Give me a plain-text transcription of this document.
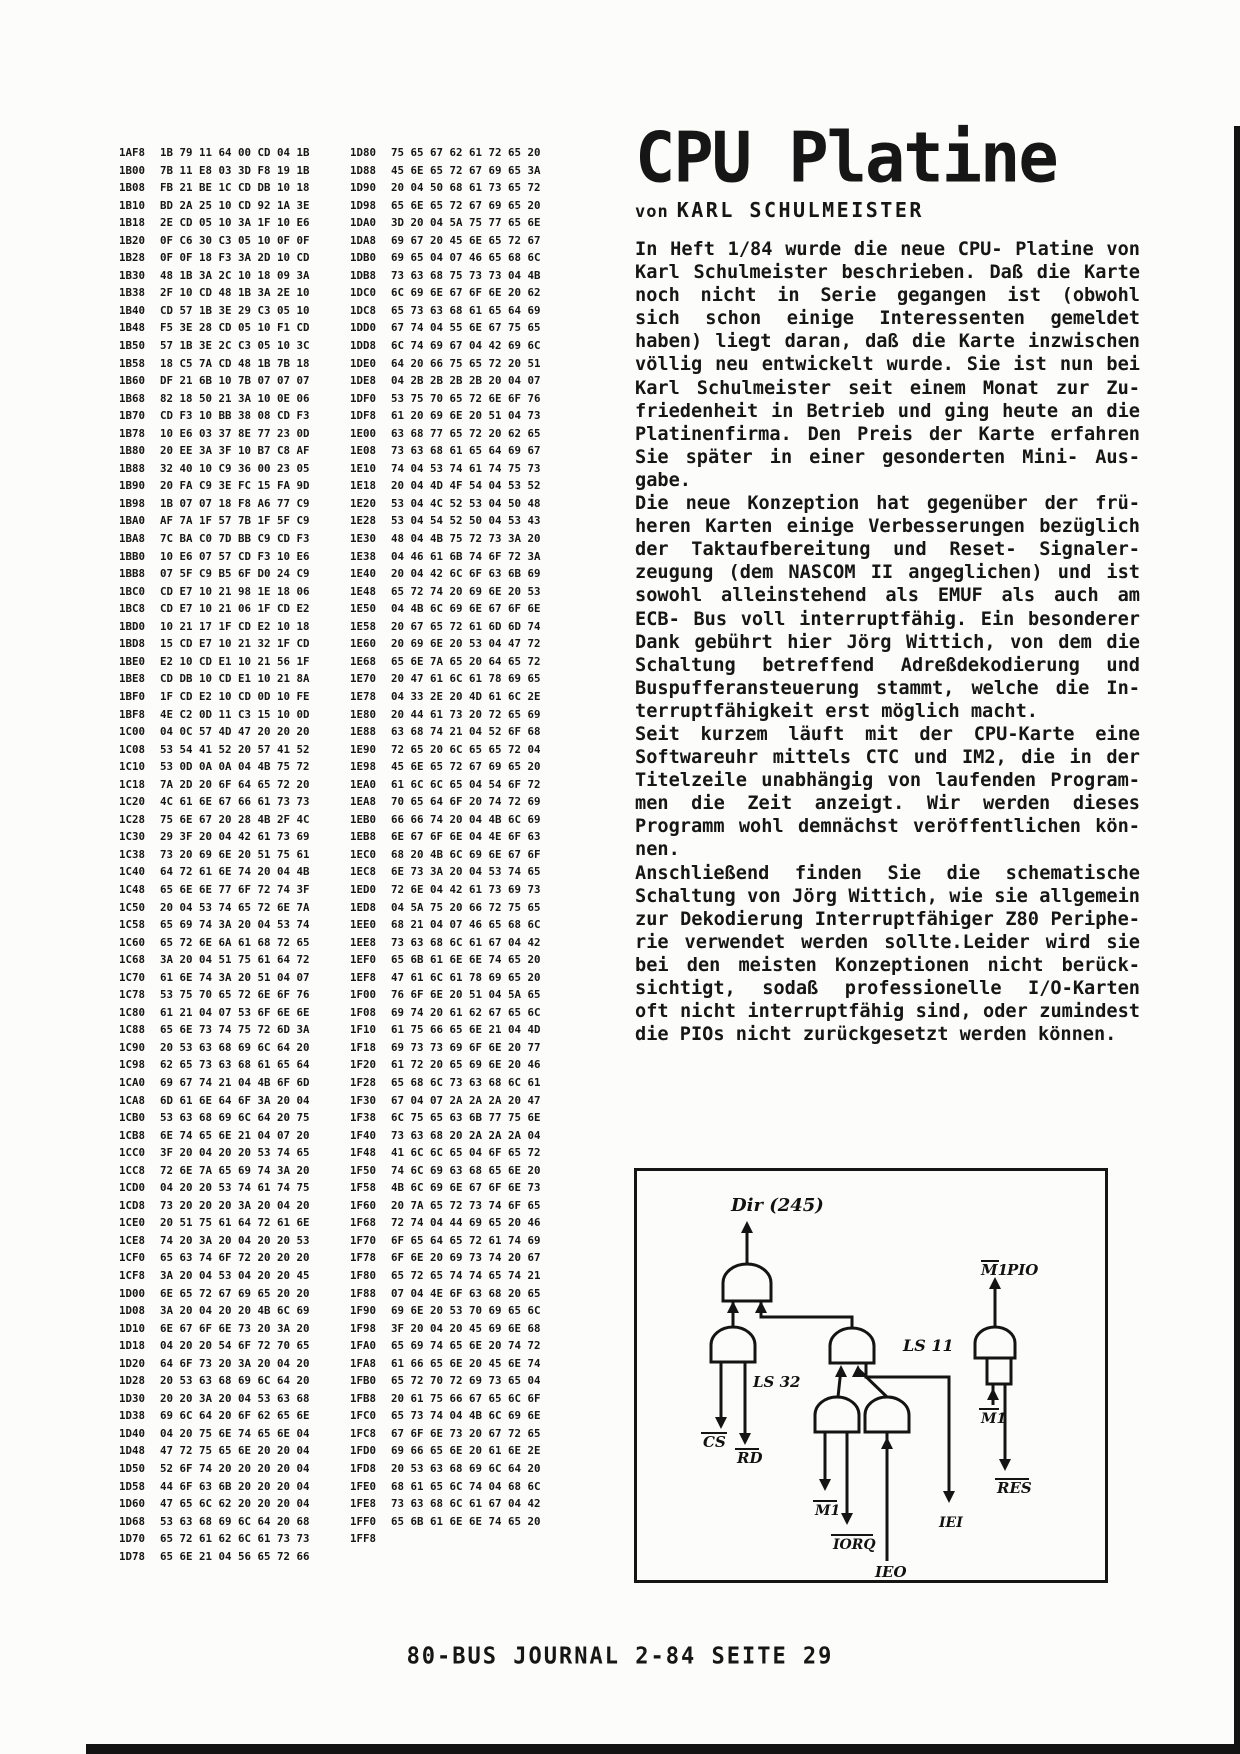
1AF8 1B 79 11 64 00 CD 04 1B
1B00 7B 11 E8 03 3D F8 19 1B
1B08 FB 21 BE 1C CD DB 10 18
1B10 BD 2A 25 10 CD 92 1A 3E
1B18 2E CD 05 10 3A 1F 10 E6
1B20 0F C6 30 C3 05 10 0F 0F
1B28 0F 0F 18 F3 3A 2D 10 CD
1B30 48 1B 3A 2C 10 18 09 3A
1B38 2F 10 CD 48 1B 3A 2E 10
1B40 CD 57 1B 3E 29 C3 05 10
1B48 F5 3E 28 CD 05 10 F1 CD
1B50 57 1B 3E 2C C3 05 10 3C
1B58 18 C5 7A CD 48 1B 7B 18
1B60 DF 21 6B 10 7B 07 07 07
1B68 82 18 50 21 3A 10 0E 06
1B70 CD F3 10 BB 38 08 CD F3
1B78 10 E6 03 37 8E 77 23 0D
1B80 20 EE 3A 3F 10 B7 C8 AF
1B88 32 40 10 C9 36 00 23 05
1B90 20 FA C9 3E FC 15 FA 9D
1B98 1B 07 07 18 F8 A6 77 C9
1BA0 AF 7A 1F 57 7B 1F 5F C9
1BA8 7C BA C0 7D BB C9 CD F3
1BB0 10 E6 07 57 CD F3 10 E6
1BB8 07 5F C9 B5 6F D0 24 C9
1BC0 CD E7 10 21 98 1E 18 06
1BC8 CD E7 10 21 06 1F CD E2
1BD0 10 21 17 1F CD E2 10 18
1BD8 15 CD E7 10 21 32 1F CD
1BE0 E2 10 CD E1 10 21 56 1F
1BE8 CD DB 10 CD E1 10 21 8A
1BF0 1F CD E2 10 CD 0D 10 FE
1BF8 4E C2 0D 11 C3 15 10 0D
1C00 04 0C 57 4D 47 20 20 20
1C08 53 54 41 52 20 57 41 52
1C10 53 0D 0A 0A 04 4B 75 72
1C18 7A 2D 20 6F 64 65 72 20
1C20 4C 61 6E 67 66 61 73 73
1C28 75 6E 67 20 28 4B 2F 4C
1C30 29 3F 20 04 42 61 73 69
1C38 73 20 69 6E 20 51 75 61
1C40 64 72 61 6E 74 20 04 4B
1C48 65 6E 6E 77 6F 72 74 3F
1C50 20 04 53 74 65 72 6E 7A
1C58 65 69 74 3A 20 04 53 74
1C60 65 72 6E 6A 61 68 72 65
1C68 3A 20 04 51 75 61 64 72
1C70 61 6E 74 3A 20 51 04 07
1C78 53 75 70 65 72 6E 6F 76
1C80 61 21 04 07 53 6F 6E 6E
1C88 65 6E 73 74 75 72 6D 3A
1C90 20 53 63 68 69 6C 64 20
1C98 62 65 73 63 68 61 65 64
1CA0 69 67 74 21 04 4B 6F 6D
1CA8 6D 61 6E 64 6F 3A 20 04
1CB0 53 63 68 69 6C 64 20 75
1CB8 6E 74 65 6E 21 04 07 20
1CC0 3F 20 04 20 20 53 74 65
1CC8 72 6E 7A 65 69 74 3A 20
1CD0 04 20 20 53 74 61 74 75
1CD8 73 20 20 20 3A 20 04 20
1CE0 20 51 75 61 64 72 61 6E
1CE8 74 20 3A 20 04 20 20 53
1CF0 65 63 74 6F 72 20 20 20
1CF8 3A 20 04 53 04 20 20 45
1D00 6E 65 72 67 69 65 20 20
1D08 3A 20 04 20 20 4B 6C 69
1D10 6E 67 6F 6E 73 20 3A 20
1D18 04 20 20 54 6F 72 70 65
1D20 64 6F 73 20 3A 20 04 20
1D28 20 53 63 68 69 6C 64 20
1D30 20 20 3A 20 04 53 63 68
1D38 69 6C 64 20 6F 62 65 6E
1D40 04 20 75 6E 74 65 6E 04
1D48 47 72 75 65 6E 20 20 04
1D50 52 6F 74 20 20 20 20 04
1D58 44 6F 63 6B 20 20 20 04
1D60 47 65 6C 62 20 20 20 04
1D68 53 63 68 69 6C 64 20 68
1D70 65 72 61 62 6C 61 73 73
1D78 65 6E 21 04 56 65 72 66
1D80 75 65 67 62 61 72 65 20
1D88 45 6E 65 72 67 69 65 3A
1D90 20 04 50 68 61 73 65 72
1D98 65 6E 65 72 67 69 65 20
1DA0 3D 20 04 5A 75 77 65 6E
1DA8 69 67 20 45 6E 65 72 67
1DB0 69 65 04 07 46 65 68 6C
1DB8 73 63 68 75 73 73 04 4B
1DC0 6C 69 6E 67 6F 6E 20 62
1DC8 65 73 63 68 61 65 64 69
1DD0 67 74 04 55 6E 67 75 65
1DD8 6C 74 69 67 04 42 69 6C
1DE0 64 20 66 75 65 72 20 51
1DE8 04 2B 2B 2B 2B 20 04 07
1DF0 53 75 70 65 72 6E 6F 76
1DF8 61 20 69 6E 20 51 04 73
1E00 63 68 77 65 72 20 62 65
1E08 73 63 68 61 65 64 69 67
1E10 74 04 53 74 61 74 75 73
1E18 20 04 4D 4F 54 04 53 52
1E20 53 04 4C 52 53 04 50 48
1E28 53 04 54 52 50 04 53 43
1E30 48 04 4B 75 72 73 3A 20
1E38 04 46 61 6B 74 6F 72 3A
1E40 20 04 42 6C 6F 63 6B 69
1E48 65 72 74 20 69 6E 20 53
1E50 04 4B 6C 69 6E 67 6F 6E
1E58 20 67 65 72 61 6D 6D 74
1E60 20 69 6E 20 53 04 47 72
1E68 65 6E 7A 65 20 64 65 72
1E70 20 47 61 6C 61 78 69 65
1E78 04 33 2E 20 4D 61 6C 2E
1E80 20 44 61 73 20 72 65 69
1E88 63 68 74 21 04 52 6F 68
1E90 72 65 20 6C 65 65 72 04
1E98 45 6E 65 72 67 69 65 20
1EA0 61 6C 6C 65 04 54 6F 72
1EA8 70 65 64 6F 20 74 72 69
1EB0 66 66 74 20 04 4B 6C 69
1EB8 6E 67 6F 6E 04 4E 6F 63
1EC0 68 20 4B 6C 69 6E 67 6F
1EC8 6E 73 3A 20 04 53 74 65
1ED0 72 6E 04 42 61 73 69 73
1ED8 04 5A 75 20 66 72 75 65
1EE0 68 21 04 07 46 65 68 6C
1EE8 73 63 68 6C 61 67 04 42
1EF0 65 6B 61 6E 6E 74 65 20
1EF8 47 61 6C 61 78 69 65 20
1F00 76 6F 6E 20 51 04 5A 65
1F08 69 74 20 61 62 67 65 6C
1F10 61 75 66 65 6E 21 04 4D
1F18 69 73 73 69 6F 6E 20 77
1F20 61 72 20 65 69 6E 20 46
1F28 65 68 6C 73 63 68 6C 61
1F30 67 04 07 2A 2A 2A 20 47
1F38 6C 75 65 63 6B 77 75 6E
1F40 73 63 68 20 2A 2A 2A 04
1F48 41 6C 6C 65 04 6F 65 72
1F50 74 6C 69 63 68 65 6E 20
1F58 4B 6C 69 6E 67 6F 6E 73
1F60 20 7A 65 72 73 74 6F 65
1F68 72 74 04 44 69 65 20 46
1F70 6F 65 64 65 72 61 74 69
1F78 6F 6E 20 69 73 74 20 67
1F80 65 72 65 74 74 65 74 21
1F88 07 04 4E 6F 63 68 20 65
1F90 69 6E 20 53 70 69 65 6C
1F98 3F 20 04 20 45 69 6E 68
1FA0 65 69 74 65 6E 20 74 72
1FA8 61 66 65 6E 20 45 6E 74
1FB0 65 72 70 72 69 73 65 04
1FB8 20 61 75 66 67 65 6C 6F
1FC0 65 73 74 04 4B 6C 69 6E
1FC8 67 6F 6E 73 20 67 72 65
1FD0 69 66 65 6E 20 61 6E 2E
1FD8 20 53 63 68 69 6C 64 20
1FE0 68 61 65 6C 74 04 68 6C
1FE8 73 63 68 6C 61 67 04 42
1FF0 65 6B 61 6E 6E 74 65 20
1FF8
CPU Platine
von KARL SCHULMEISTER
In Heft 1/84 wurde die neue CPU- Platine von
Karl Schulmeister beschrieben. Daß die Karte
noch nicht in Serie gegangen ist (obwohl
sich schon einige Interessenten gemeldet
haben) liegt daran, daß die Karte inzwischen
völlig neu entwickelt wurde. Sie ist nun bei
Karl Schulmeister seit einem Monat zur Zu-
friedenheit in Betrieb und ging heute an die
Platinenfirma. Den Preis der Karte erfahren
Sie später in einer gesonderten Mini- Aus-
gabe.
Die neue Konzeption hat gegenüber der frü-
heren Karten einige Verbesserungen bezüglich
der Taktaufbereitung und Reset- Signaler-
zeugung (dem NASCOM II angeglichen) und ist
sowohl alleinstehend als EMUF als auch am
ECB- Bus voll interruptfähig. Ein besonderer
Dank gebührt hier Jörg Wittich, von dem die
Schaltung betreffend Adreßdekodierung und
Buspufferansteuerung stammt, welche die In-
terruptfähigkeit erst möglich macht.
Seit kurzem läuft mit der CPU-Karte eine
Softwareuhr mittels CTC und IM2, die in der
Titelzeile unabhängig von laufenden Program-
men die Zeit anzeigt. Wir werden dieses
Programm wohl demnächst veröffentlichen kön-
nen.
Anschließend finden Sie die schematische
Schaltung von Jörg Wittich, wie sie allgemein
zur Dekodierung Interruptfähiger Z80 Periphe-
rie verwendet werden sollte.Leider wird sie
bei den meisten Konzeptionen nicht berück-
sichtigt, sodaß professionelle I/O-Karten
oft nicht interruptfähig sind, oder zumindest
die PIOs nicht zurückgesetzt werden können.
Dir (245)
LS 32
LS 11
M1
PIO
CS
RD
M1
IORQ
IEO
IEI
M1
RES
80-BUS JOURNAL 2-84 SEITE 29
